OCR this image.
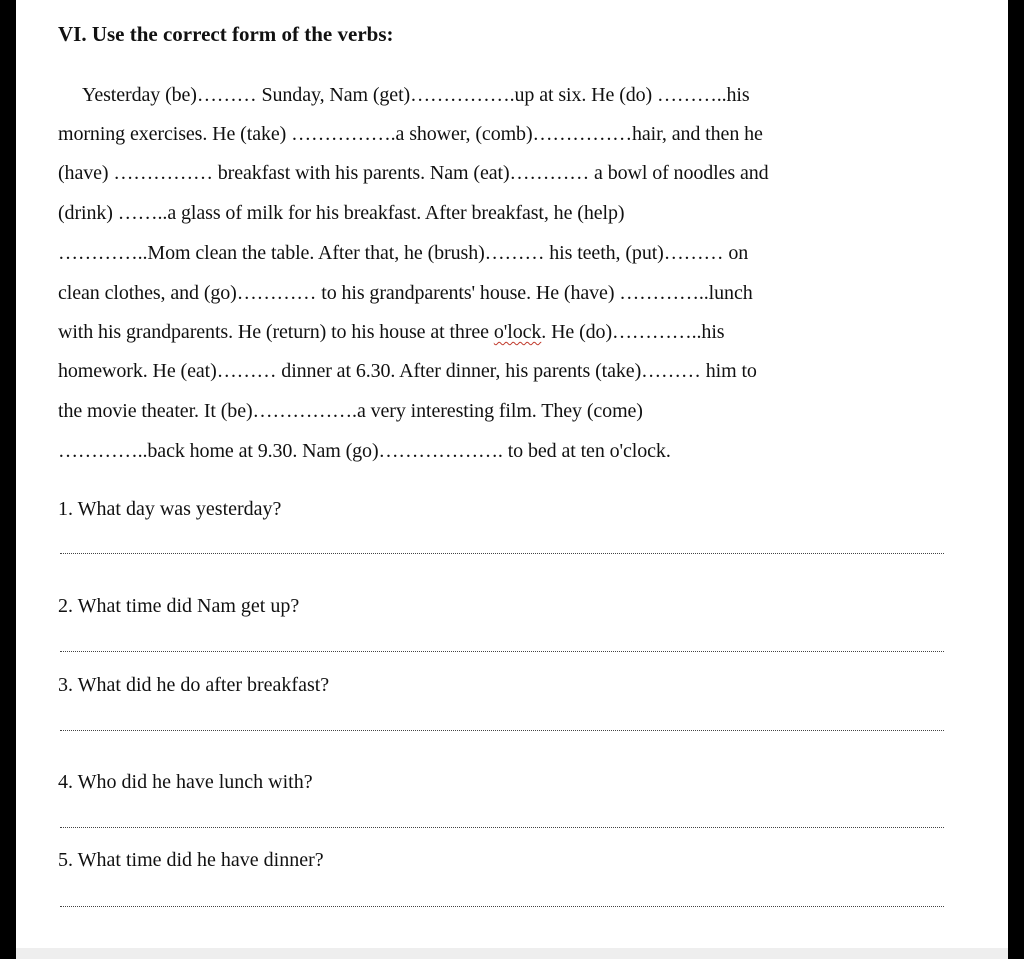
VI. Use the correct form of the verbs:
Yesterday (be)……… Sunday, Nam (get)…………….up at six. He (do) ………..his
morning exercises. He (take) …………….a shower, (comb)……………hair, and then he
(have) …………… breakfast with his parents. Nam (eat)………… a bowl of noodles and
(drink) ……..a glass of milk for his breakfast. After breakfast, he (help)
…………..Mom clean the table. After that, he (brush)……… his teeth, (put)……… on
clean clothes, and (go)………… to his grandparents' house. He (have) …………..lunch
with his grandparents. He (return) to his house at three o'lock. He (do)…………..his
homework. He (eat)……… dinner at 6.30. After dinner, his parents (take)……… him to
the movie theater. It (be)…………….a very interesting film. They (come)
…………..back home at 9.30. Nam (go)………………. to bed at ten o'clock.
1. What day was yesterday?
2. What time did Nam get up?
3. What did he do after breakfast?
4. Who did he have lunch with?
5. What time did he have dinner?
